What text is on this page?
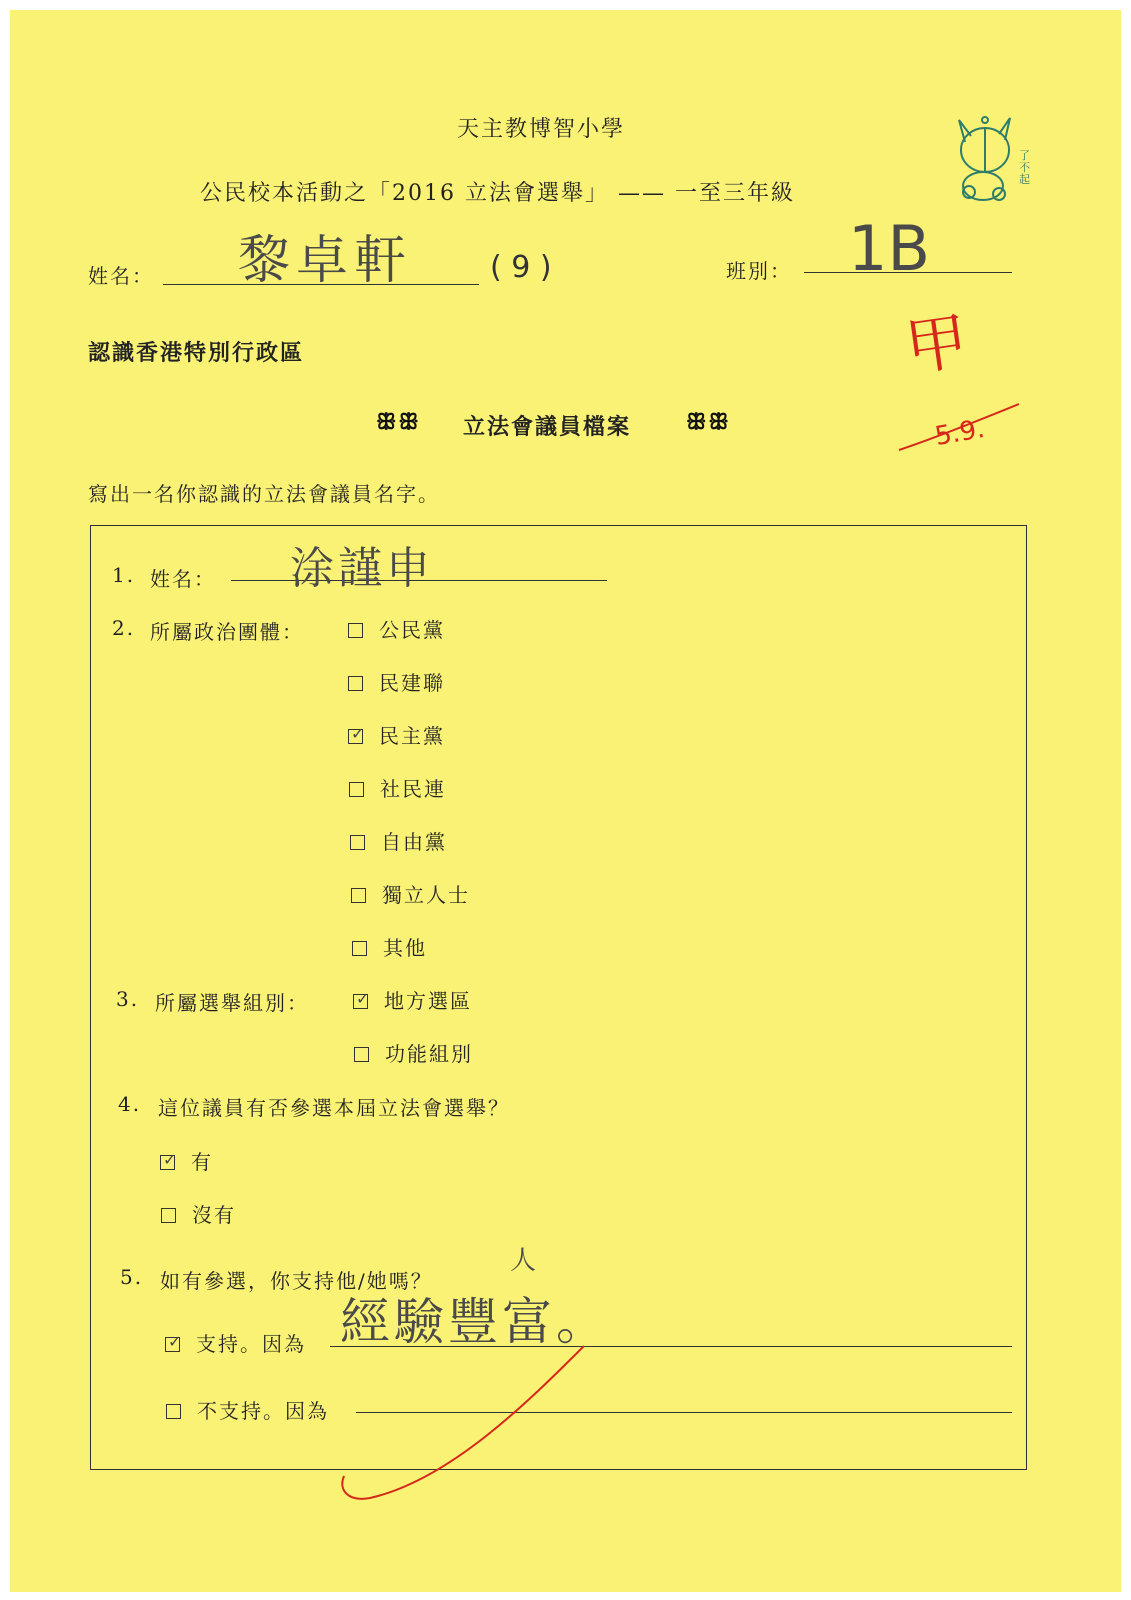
天主教博智小學
公民校本活動之「2016 立法會選舉」 —— 一至三年級
了不起
姓名： 黎卓軒	( 9 )	班別： 1B
甲
5.9.
認識香港特別行政區
ꕥꕥ 立法會議員檔案 ꕥꕥ
寫出一名你認識的立法會議員名字。
1. 姓名： 涂謹申
2. 所屬政治團體：	公民黨
民建聯
✓ 民主黨
社民連
自由黨
獨立人士
其他
3. 所屬選舉組別：	✓ 地方選區
功能組別
4. 這位議員有否參選本屆立法會選舉？
✓ 有
沒有
5. 如有參選，你支持他/她嗎？
✓ 支持。因為 經驗豐富。
人
不支持。因為
